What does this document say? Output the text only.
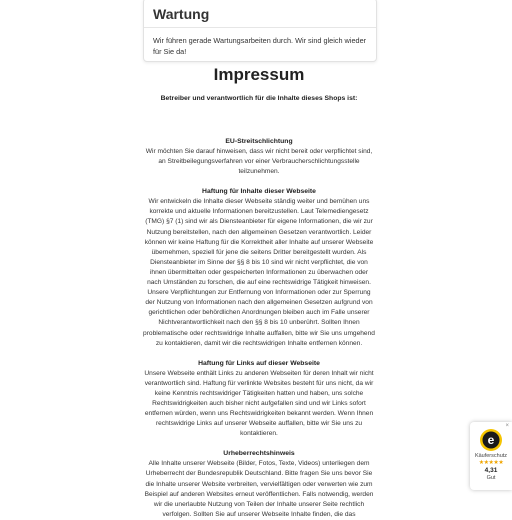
Wartung
Wir führen gerade Wartungsarbeiten durch. Wir sind gleich wieder für Sie da!
Impressum

Betreiber und verantwortlich für die Inhalte dieses Shops ist:

EU-Streitschlichtung

Wir möchten Sie darauf hinweisen, dass wir nicht bereit oder verpflichtet sind, an Streitbeilegungsverfahren vor einer Verbraucherschlichtungsstelle teilzunehmen.

Haftung für Inhalte dieser Webseite

Wir entwickeln die Inhalte dieser Webseite ständig weiter und bemühen uns korrekte und aktuelle Informationen bereitzustellen. Laut Telemediengesetz (TMG) §7 (1) sind wir als Diensteanbieter für eigene Informationen, die wir zur Nutzung bereitstellen, nach den allgemeinen Gesetzen verantwortlich. Leider können wir keine Haftung für die Korrektheit aller Inhalte auf unserer Webseite übernehmen, speziell für jene die seitens Dritter bereitgestellt wurden. Als Diensteanbieter im Sinne der §§ 8 bis 10 sind wir nicht verpflichtet, die von ihnen übermittelten oder gespeicherten Informationen zu überwachen oder nach Umständen zu forschen, die auf eine rechtswidrige Tätigkeit hinweisen. Unsere Verpflichtungen zur Entfernung von Informationen oder zur Sperrung der Nutzung von Informationen nach den allgemeinen Gesetzen aufgrund von gerichtlichen oder behördlichen Anordnungen bleiben auch im Falle unserer Nichtverantwortlichkeit nach den §§ 8 bis 10 unberührt. Sollten Ihnen problematische oder rechtswidrige Inhalte auffallen, bitte wir Sie uns umgehend zu kontaktieren, damit wir die rechtswidrigen Inhalte entfernen können.

Haftung für Links auf dieser Webseite

Unsere Webseite enthält Links zu anderen Webseiten für deren Inhalt wir nicht verantwortlich sind. Haftung für verlinkte Websites besteht für uns nicht, da wir keine Kenntnis rechtswidriger Tätigkeiten hatten und haben, uns solche Rechtswidrigkeiten auch bisher nicht aufgefallen sind und wir Links sofort entfernen würden, wenn uns Rechtswidrigkeiten bekannt werden. Wenn Ihnen rechtswidrige Links auf unserer Webseite auffallen, bitte wir Sie uns zu kontaktieren.

Urheberrechtshinweis

Alle Inhalte unserer Webseite (Bilder, Fotos, Texte, Videos) unterliegen dem Urheberrecht der Bundesrepublik Deutschland. Bitte fragen Sie uns bevor Sie die Inhalte unserer Website verbreiten, vervielfältigen oder verwerten wie zum Beispiel auf anderen Websites erneut veröffentlichen. Falls notwendig, werden wir die unerlaubte Nutzung von Teilen der Inhalte unserer Seite rechtlich verfolgen. Sollten Sie auf unserer Webseite Inhalte finden, die das

×
e
Käuferschutz
★★★★★
4,31
Gut
